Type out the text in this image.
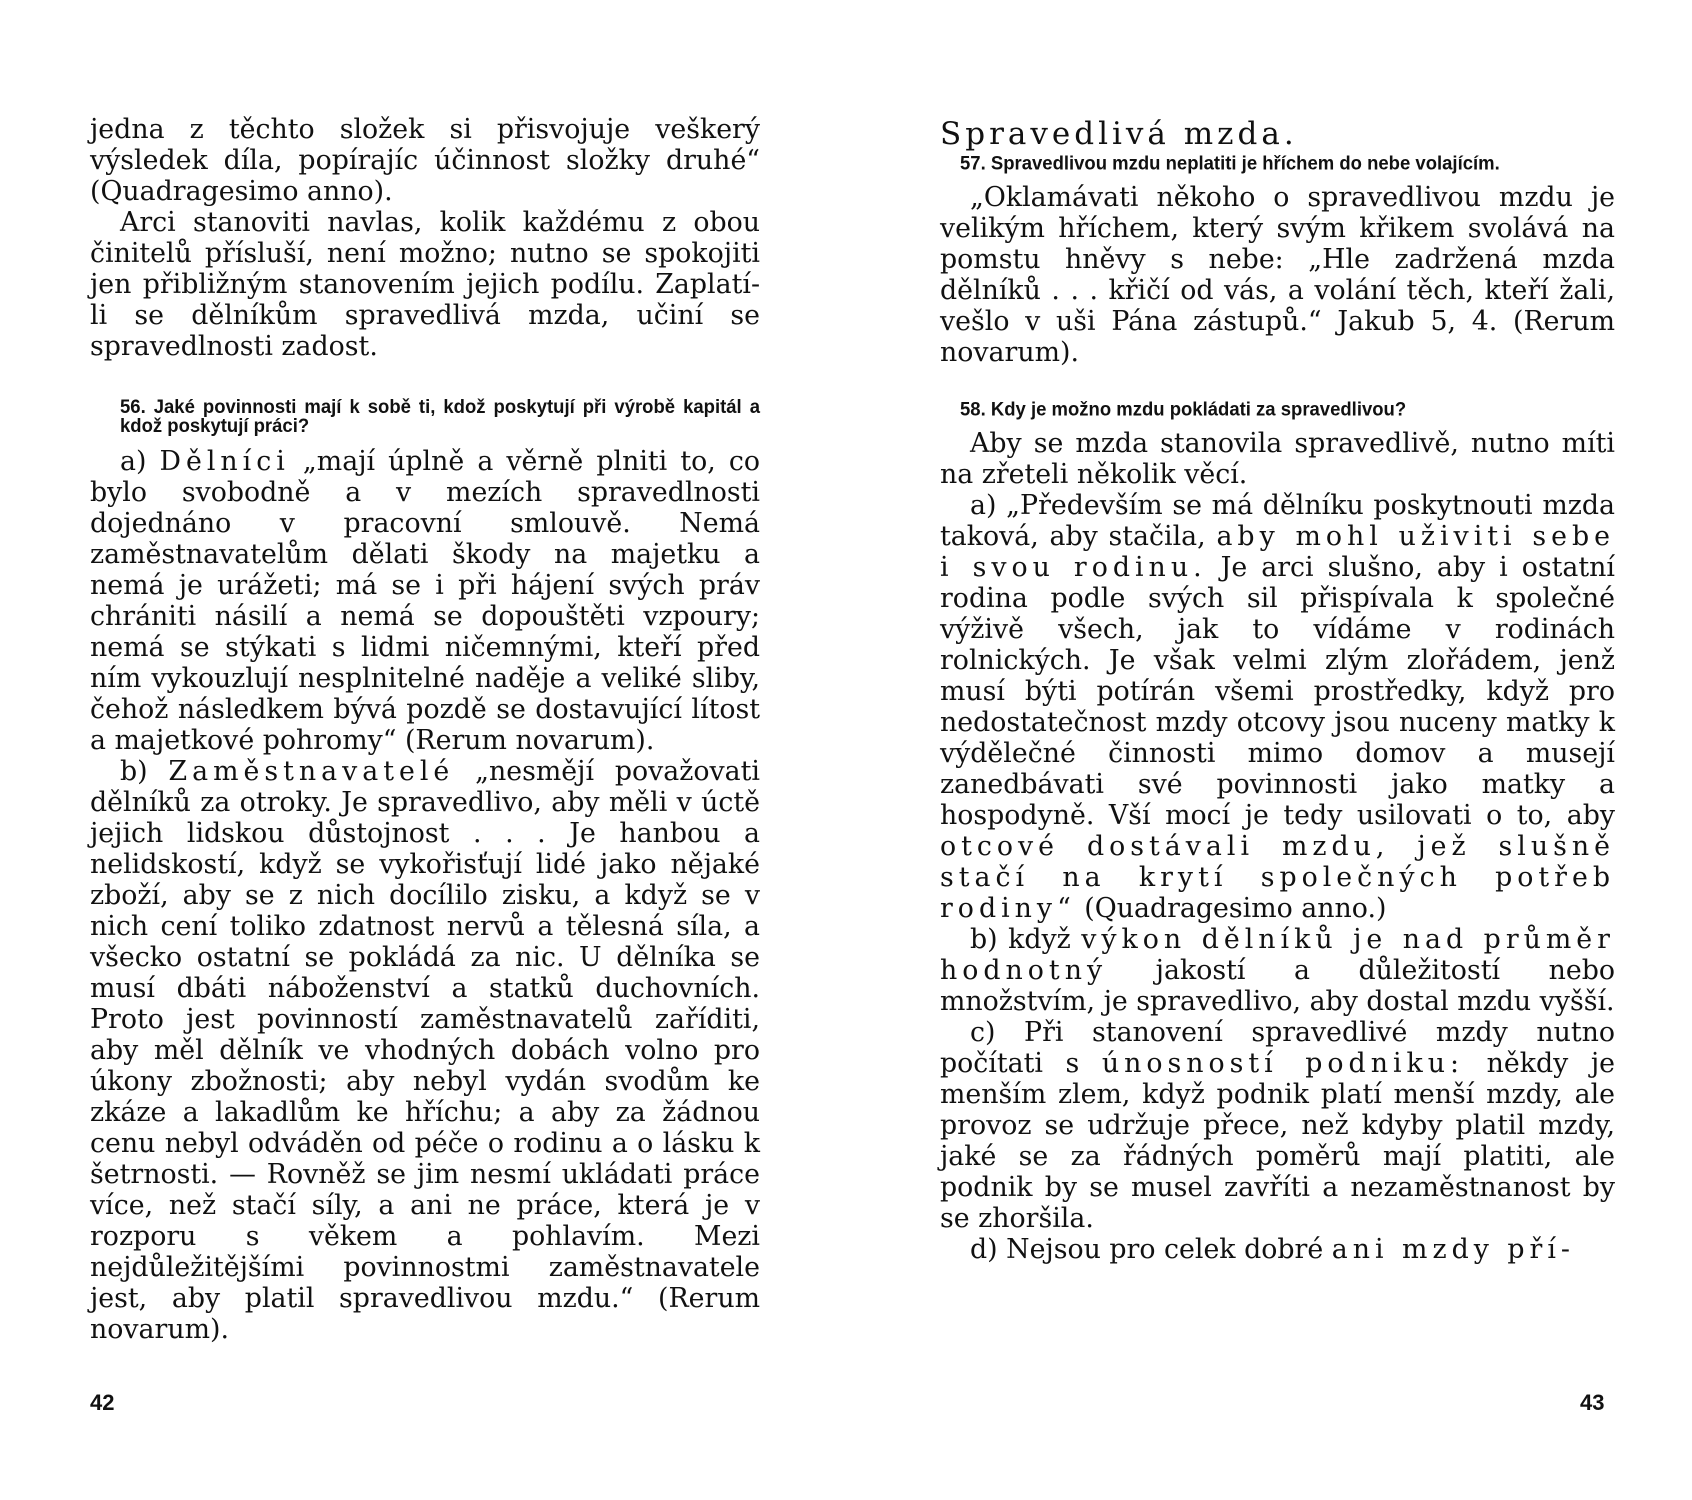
jedna z těchto složek si přisvojuje veškerý výsledek díla, popírajíc účinnost složky druhé“ (Quadragesimo anno).

Arci stanoviti navlas, kolik každému z obou činitelů přísluší, není možno; nutno se spokojiti jen přibližným stanovením jejich podílu. Zaplatí-li se dělníkům spravedlivá mzda, učiní se spravedlnosti zadost.

56. Jaké povinnosti mají k sobě ti, kdož poskytují při výrobě kapitál a kdož poskytují práci?

a) Dělníci „mají úplně a věrně plniti to, co bylo svobodně a v mezích spravedlnosti dojednáno v pracovní smlouvě. Nemá zaměstnavatelům dělati škody na majetku a nemá je urážeti; má se i při hájení svých práv chrániti násilí a nemá se dopouštěti vzpoury; nemá se stýkati s lidmi ničemnými, kteří před ním vykouzlují nesplnitelné naděje a veliké sliby, čehož následkem bývá pozdě se dostavující lítost a majetkové pohromy“ (Rerum novarum).

b) Zaměstnavatelé „nesmějí považovati dělníků za otroky. Je spravedlivo, aby měli v úctě jejich lidskou důstojnost . . . Je hanbou a nelidskostí, když se vykořisťují lidé jako nějaké zboží, aby se z nich docílilo zisku, a když se v nich cení toliko zdatnost nervů a tělesná síla, a všecko ostatní se pokládá za nic. U dělníka se musí dbáti náboženství a statků duchovních. Proto jest povinností zaměstnavatelů zaříditi, aby měl dělník ve vhodných dobách volno pro úkony zbožnosti; aby nebyl vydán svodům ke zkáze a lakadlům ke hříchu; a aby za žádnou cenu nebyl odváděn od péče o rodinu a o lásku k šetrnosti. — Rovněž se jim nesmí ukládati práce více, než stačí síly, a ani ne práce, která je v rozporu s věkem a pohlavím. Mezi nejdůležitějšími povinnostmi zaměstnavatele jest, aby platil spravedlivou mzdu.“ (Rerum novarum).

42

Spravedlivá mzda.

57. Spravedlivou mzdu neplatiti je hříchem do nebe volajícím.

„Oklamávati někoho o spravedlivou mzdu je velikým hříchem, který svým křikem svolává na pomstu hněvy s nebe: „Hle zadržená mzda dělníků . . . křičí od vás, a volání těch, kteří žali, vešlo v uši Pána zástupů.“ Jakub 5, 4. (Rerum novarum).

58. Kdy je možno mzdu pokládati za spravedlivou?

Aby se mzda stanovila spravedlivě, nutno míti na zřeteli několik věcí.

a) „Především se má dělníku poskytnouti mzda taková, aby stačila, aby mohl uživiti sebe i svou rodinu. Je arci slušno, aby i ostatní rodina podle svých sil přispívala k společné výživě všech, jak to vídáme v rodinách rolnických. Je však velmi zlým zlořádem, jenž musí býti potírán všemi prostředky, když pro nedostatečnost mzdy otcovy jsou nuceny matky k výdělečné činnosti mimo domov a musejí zanedbávati své povinnosti jako matky a hospodyně. Vší mocí je tedy usilovati o to, aby otcové dostávali mzdu, jež slušně stačí na krytí společných potřeb rodiny“ (Quadragesimo anno.)

b) když výkon dělníků je nad průměr hodnotný jakostí a důležitostí nebo množstvím, je spravedlivo, aby dostal mzdu vyšší.

c) Při stanovení spravedlivé mzdy nutno počítati s únosností podniku: někdy je menším zlem, když podnik platí menší mzdy, ale provoz se udržuje přece, než kdyby platil mzdy, jaké se za řádných poměrů mají platiti, ale podnik by se musel zavříti a nezaměstnanost by se zhoršila.

d) Nejsou pro celek dobré ani mzdy pří-

43
